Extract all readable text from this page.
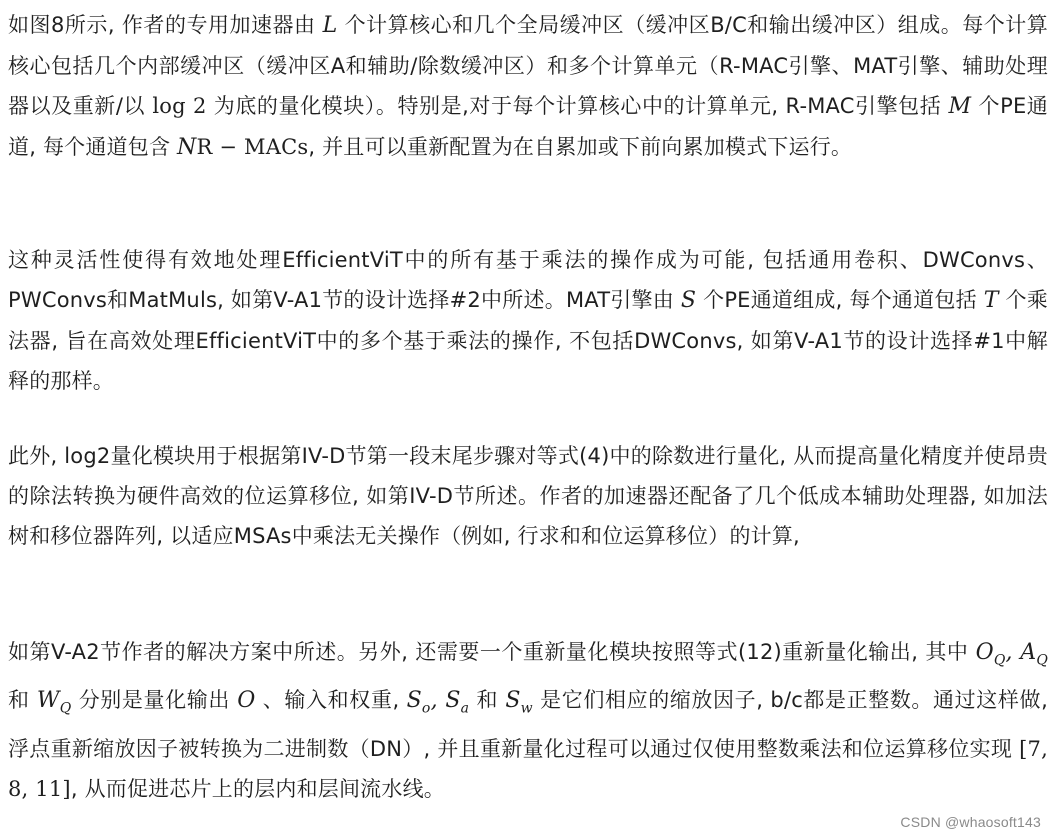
如图8所示, 作者的专用加速器由 L 个计算核心和几个全局缓冲区（缓冲区B/C和输出缓冲区）组成。每个计算核心包括几个内部缓冲区（缓冲区A和辅助/除数缓冲区）和多个计算单元（R-MAC引擎、MAT引擎、辅助处理器以及重新/以 log 2 为底的量化模块）。特别是,对于每个计算核心中的计算单元, R-MAC引擎包括 M 个PE通道, 每个通道包含 NR − MACs, 并且可以重新配置为在自累加或下前向累加模式下运行。

这种灵活性使得有效地处理EfficientViT中的所有基于乘法的操作成为可能, 包括通用卷积、DWConvs、PWConvs和MatMuls, 如第V-A1节的设计选择#2中所述。MAT引擎由 S 个PE通道组成, 每个通道包括 T 个乘法器, 旨在高效处理EfficientViT中的多个基于乘法的操作, 不包括DWConvs, 如第V-A1节的设计选择#1中解释的那样。

此外, log2量化模块用于根据第IV-D节第一段末尾步骤对等式(4)中的除数进行量化, 从而提高量化精度并使昂贵的除法转换为硬件高效的位运算移位, 如第IV-D节所述。作者的加速器还配备了几个低成本辅助处理器, 如加法树和移位器阵列, 以适应MSAs中乘法无关操作（例如, 行求和和位运算移位）的计算,

如第V-A2节作者的解决方案中所述。另外, 还需要一个重新量化模块按照等式(12)重新量化输出, 其中 $O_Q$, $A_Q$ 和 $W_Q$ 分别是量化输出 O 、输入和权重, $S_o$, $S_a$ 和 $S_w$ 是它们相应的缩放因子, b/c都是正整数。通过这样做, 浮点重新缩放因子被转换为二进制数（DN）, 并且重新量化过程可以通过仅使用整数乘法和位运算移位实现 [7, 8, 11], 从而促进芯片上的层内和层间流水线。

CSDN @whaosoft143
